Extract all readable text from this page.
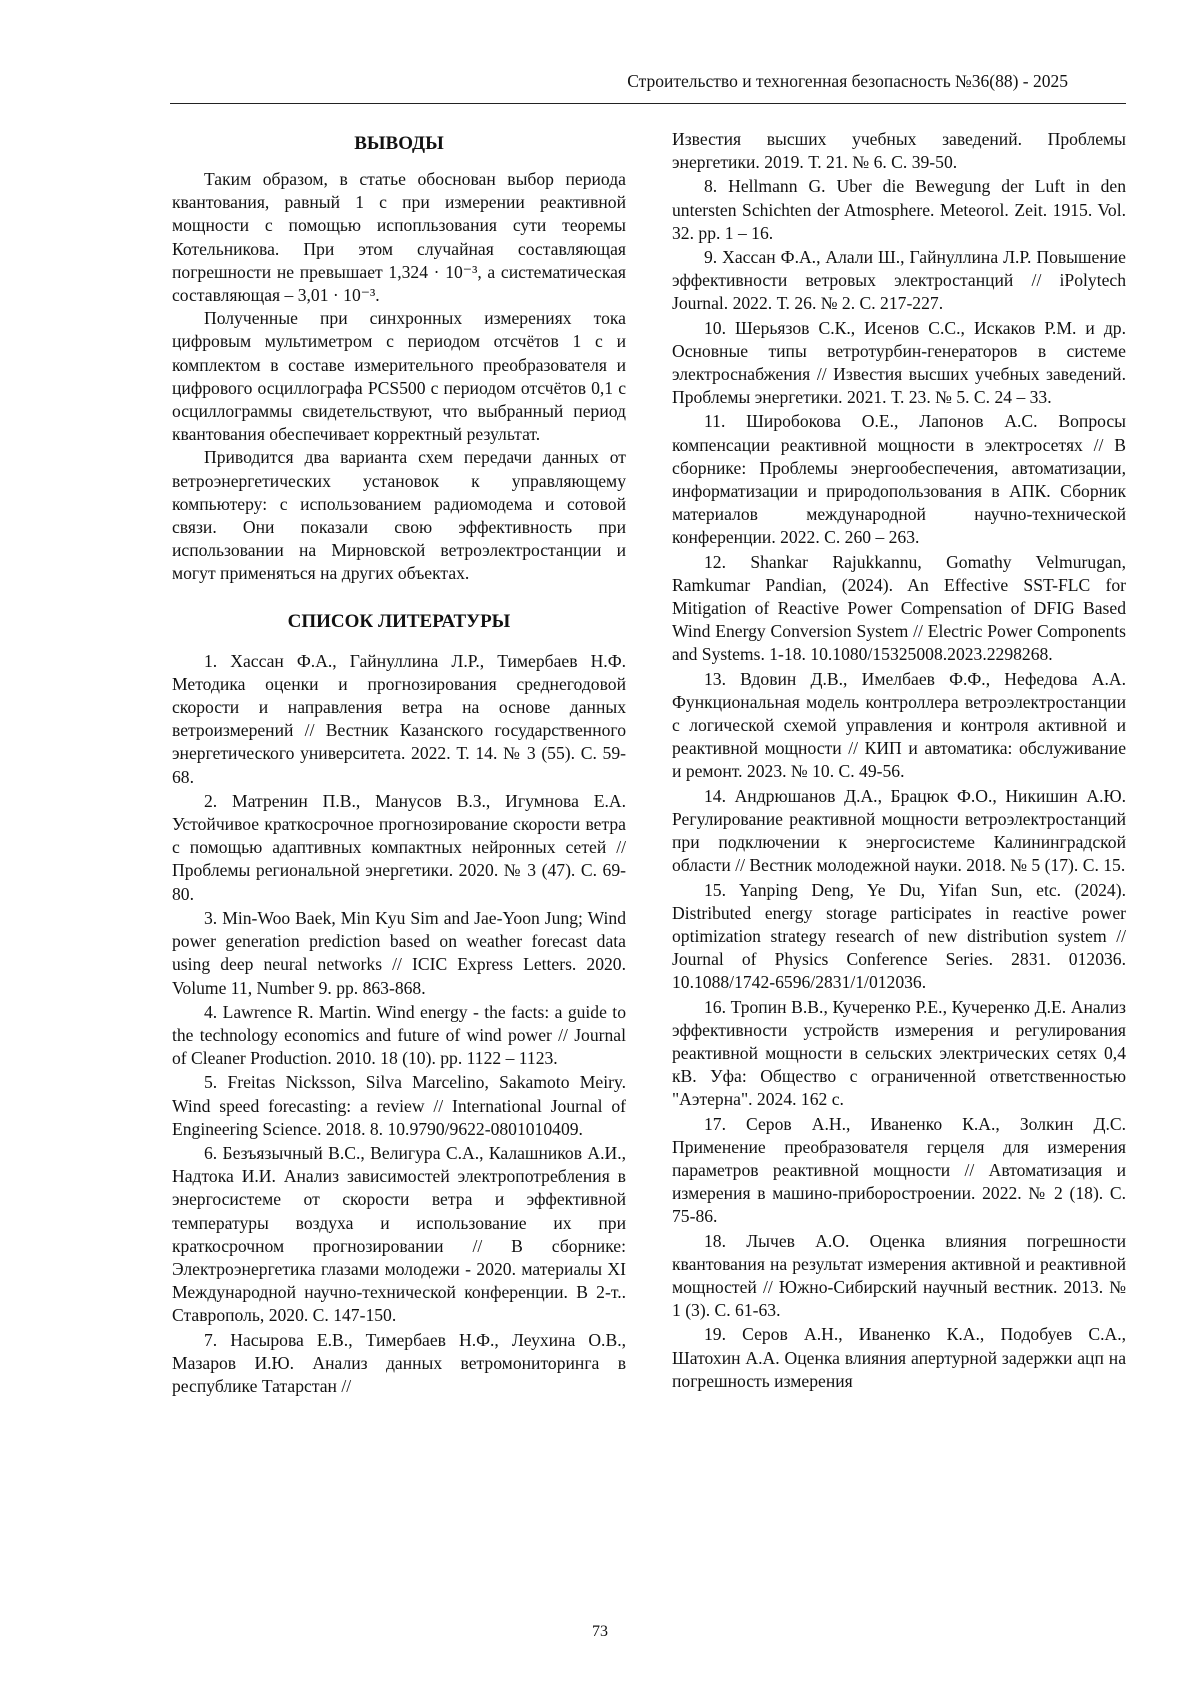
Строительство и техногенная безопасность №36(88) - 2025
ВЫВОДЫ

Таким образом, в статье обоснован выбор периода квантования, равный 1 с при измерении реактивной мощности с помощью испопльзования сути теоремы Котельникова. При этом случайная составляющая погрешности не превышает 1,324 · 10⁻³, а систематическая составляющая – 3,01 · 10⁻³.

Полученные при синхронных измерениях тока цифровым мультиметром с периодом отсчётов 1 с и комплектом в составе измерительного преобразователя и цифрового осциллографа PCS500 с периодом отсчётов 0,1 с осциллограммы свидетельствуют, что выбранный период квантования обеспечивает корректный результат.

Приводится два варианта схем передачи данных от ветроэнергетических установок к управляющему компьютеру: с использованием радиомодема и сотовой связи. Они показали свою эффективность при использовании на Мирновской ветроэлектростанции и могут применяться на других объектах.

СПИСОК ЛИТЕРАТУРЫ
1. Хассан Ф.А., Гайнуллина Л.Р., Тимербаев Н.Ф. Методика оценки и прогнозирования среднегодовой скорости и направления ветра на основе данных ветроизмерений // Вестник Казанского государственного энергетического университета. 2022. Т. 14. № 3 (55). С. 59-68.
2. Матренин П.В., Манусов В.З., Игумнова Е.А. Устойчивое краткосрочное прогнозирование скорости ветра с помощью адаптивных компактных нейронных сетей // Проблемы региональной энергетики. 2020. № 3 (47). С. 69-80.
3. Min-Woo Baek, Min Kyu Sim and Jae-Yoon Jung; Wind power generation prediction based on weather forecast data using deep neural networks // ICIC Express Letters. 2020. Volume 11, Number 9. pp. 863-868.
4. Lawrence R. Martin. Wind energy - the facts: a guide to the technology economics and future of wind power // Journal of Cleaner Production. 2010. 18 (10). pp. 1122 – 1123.
5. Freitas Nicksson, Silva Marcelino, Sakamoto Meiry. Wind speed forecasting: a review // International Journal of Engineering Science. 2018. 8. 10.9790/9622-0801010409.
6. Безъязычный В.С., Велигура С.А., Калашников А.И., Надтока И.И. Анализ зависимостей электропотребления в энергосистеме от скорости ветра и эффективной температуры воздуха и использование их при краткосрочном прогнозировании // В сборнике: Электроэнергетика глазами молодежи - 2020. материалы XI Международной научно-технической конференции. В 2-т.. Ставрополь, 2020. С. 147-150.
7. Насырова Е.В., Тимербаев Н.Ф., Леухина О.В., Мазаров И.Ю. Анализ данных ветромониторинга в республике Татарстан //
Известия высших учебных заведений. Проблемы энергетики. 2019. Т. 21. № 6. С. 39-50.
8. Hellmann G. Uber die Bewegung der Luft in den untersten Schichten der Atmosphere. Meteorol. Zeit. 1915. Vol. 32. pp. 1 – 16.
9. Хассан Ф.А., Алали Ш., Гайнуллина Л.Р. Повышение эффективности ветровых электростанций // iPolytech Journal. 2022. Т. 26. № 2. С. 217-227.
10. Шерьязов С.К., Исенов С.С., Искаков Р.М. и др. Основные типы ветротурбин-генераторов в системе электроснабжения // Известия высших учебных заведений. Проблемы энергетики. 2021. Т. 23. № 5. С. 24 – 33.
11. Широбокова О.Е., Лапонов А.С. Вопросы компенсации реактивной мощности в электросетях // В сборнике: Проблемы энергообеспечения, автоматизации, информатизации и природопользования в АПК. Сборник материалов международной научно-технической конференции. 2022. С. 260 – 263.
12. Shankar Rajukkannu, Gomathy Velmurugan, Ramkumar Pandian, (2024). An Effective SST-FLC for Mitigation of Reactive Power Compensation of DFIG Based Wind Energy Conversion System // Electric Power Components and Systems. 1-18. 10.1080/15325008.2023.2298268.
13. Вдовин Д.В., Имелбаев Ф.Ф., Нефедова А.А. Функциональная модель контроллера ветроэлектростанции с логической схемой управления и контроля активной и реактивной мощности // КИП и автоматика: обслуживание и ремонт. 2023. № 10. С. 49-56.
14. Андрюшанов Д.А., Брацюк Ф.О., Никишин А.Ю. Регулирование реактивной мощности ветроэлектростанций при подключении к энергосистеме Калининградской области // Вестник молодежной науки. 2018. № 5 (17). С. 15.
15. Yanping Deng, Ye Du, Yifan Sun, etc. (2024). Distributed energy storage participates in reactive power optimization strategy research of new distribution system // Journal of Physics Conference Series. 2831. 012036. 10.1088/1742-6596/2831/1/012036.
16. Тропин В.В., Кучеренко Р.Е., Кучеренко Д.Е. Анализ эффективности устройств измерения и регулирования реактивной мощности в сельских электрических сетях 0,4 кВ. Уфа: Общество с ограниченной ответственностью "Аэтерна". 2024. 162 с.
17. Серов А.Н., Иваненко К.А., Золкин Д.С. Применение преобразователя герцеля для измерения параметров реактивной мощности // Автоматизация и измерения в машино-приборостроении. 2022. № 2 (18). С. 75-86.
18. Лычев А.О. Оценка влияния погрешности квантования на результат измерения активной и реактивной мощностей // Южно-Сибирский научный вестник. 2013. № 1 (3). С. 61-63.
19. Серов А.Н., Иваненко К.А., Подобуев С.А., Шатохин А.А. Оценка влияния апертурной задержки ацп на погрешность измерения
73
